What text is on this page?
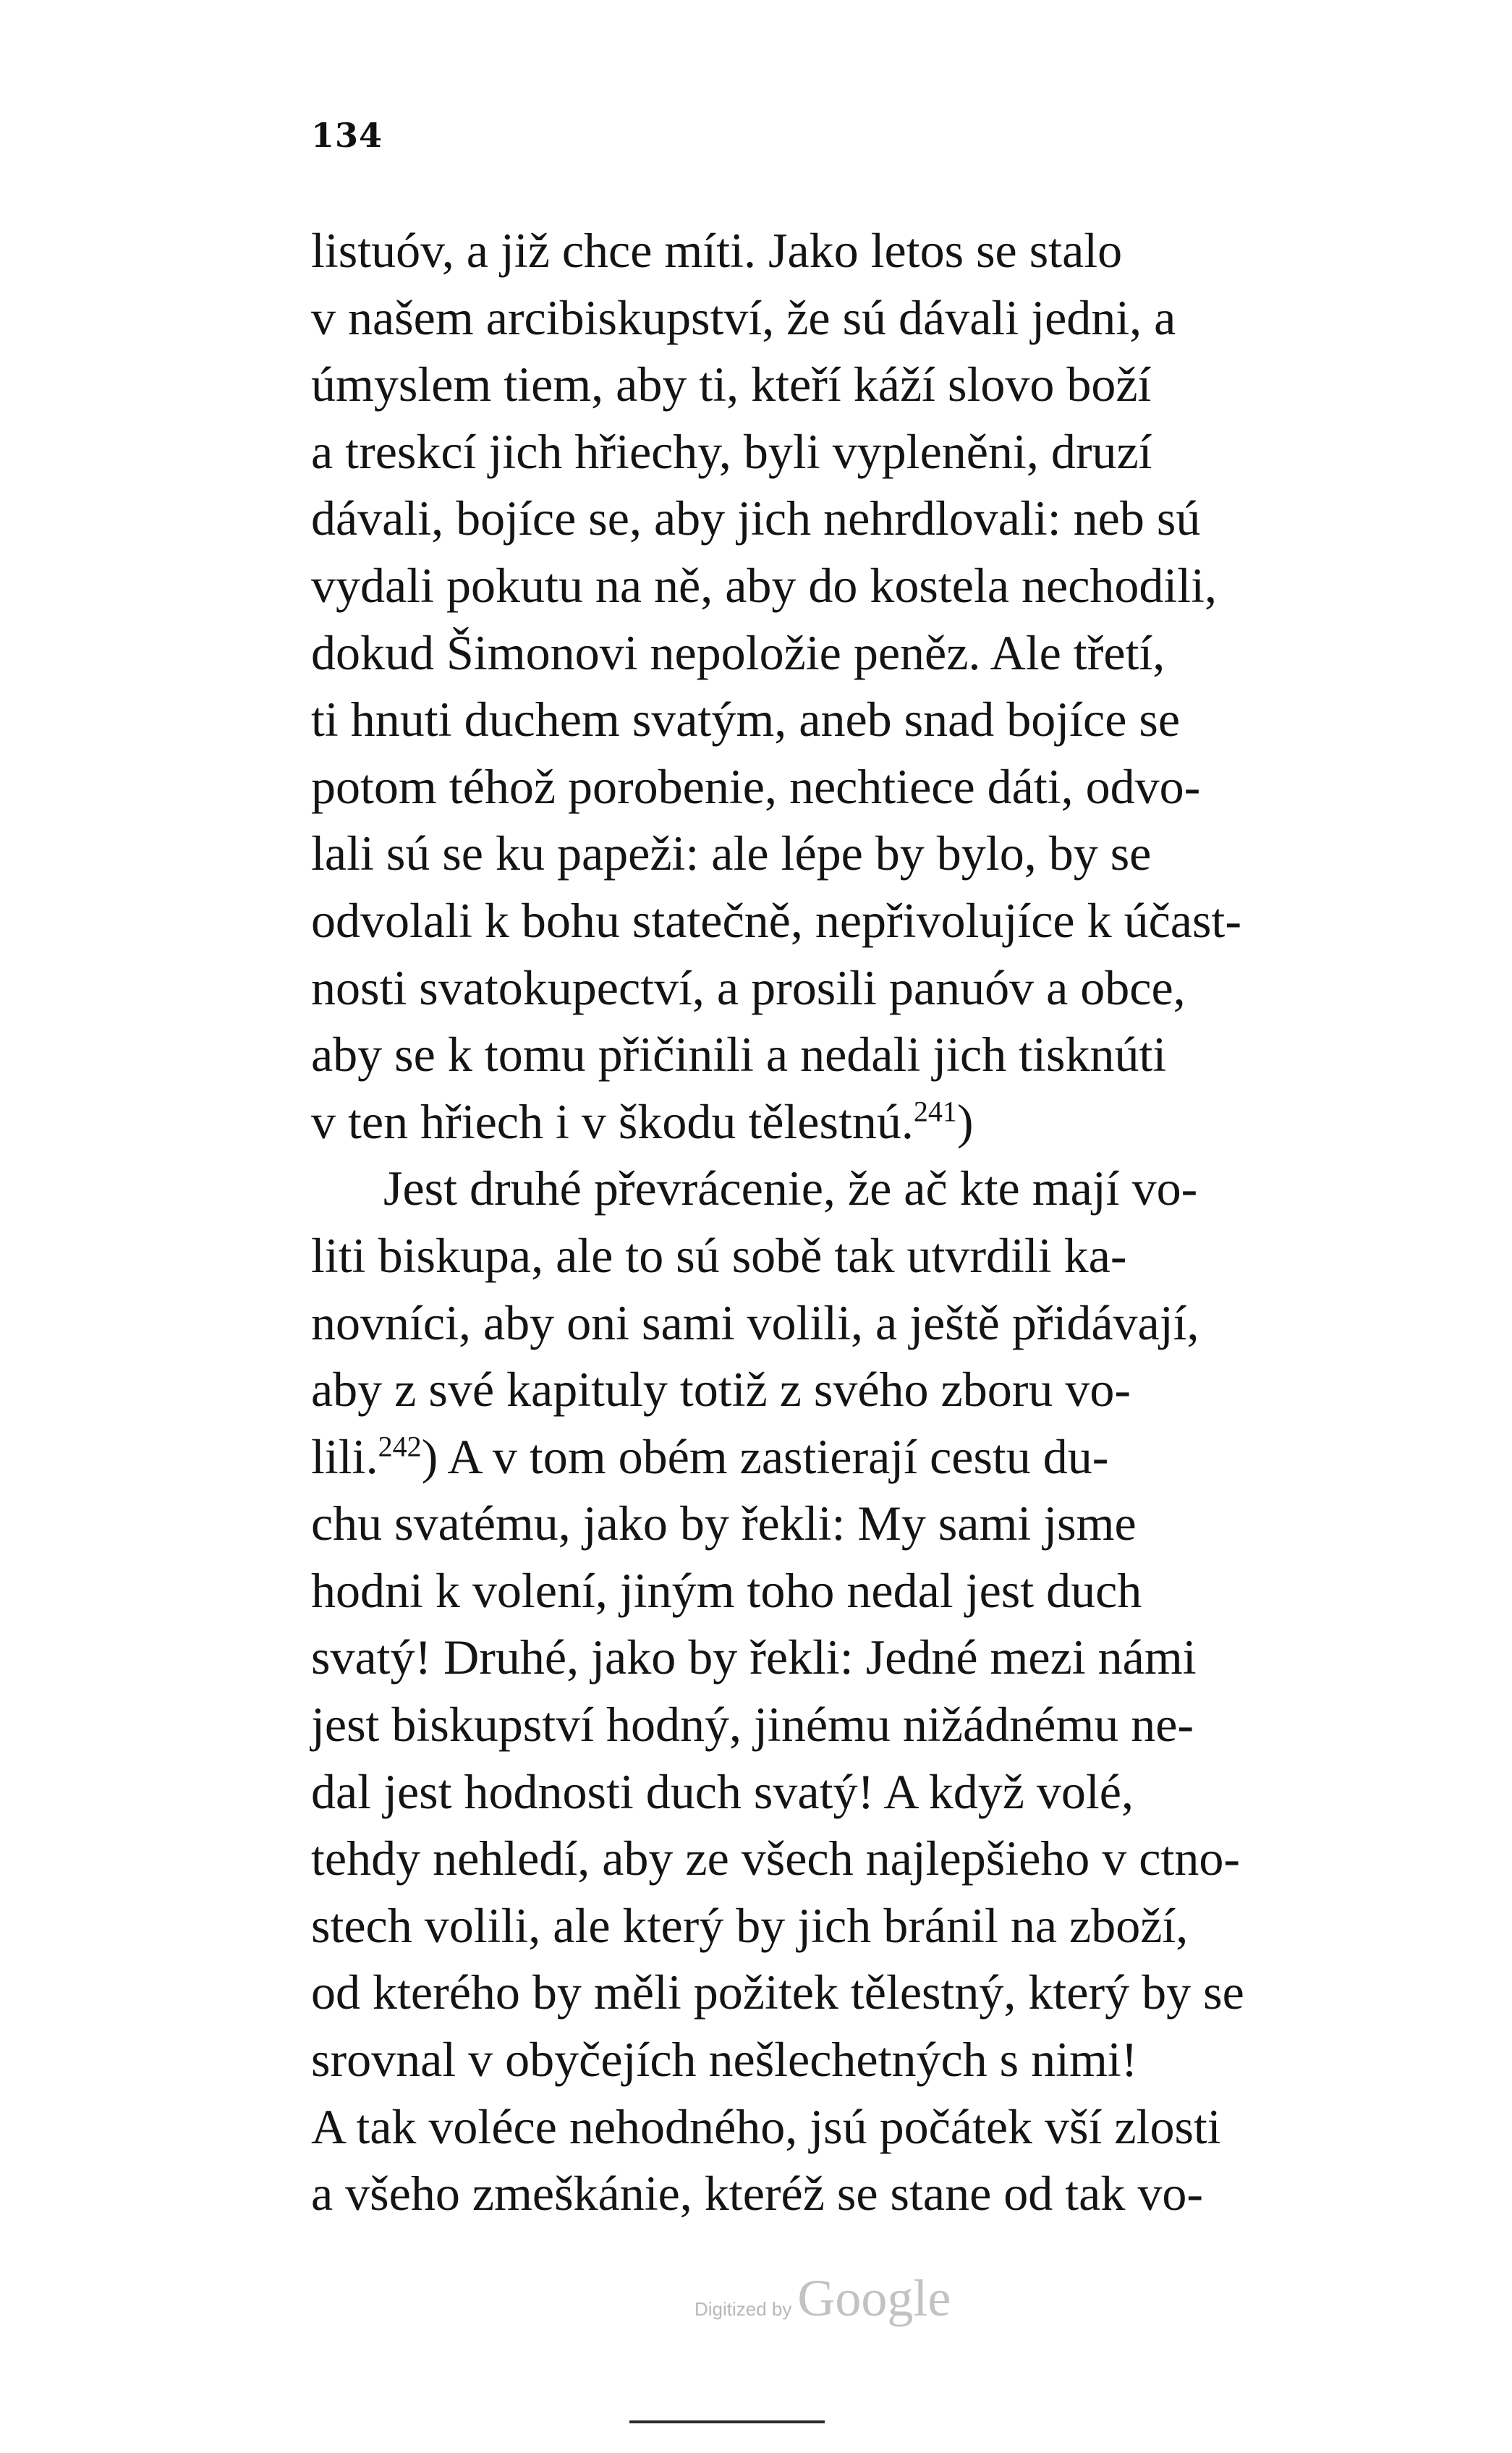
134
listuóv, a již chce míti. Jako letos se stalo
v našem arcibiskupství, že sú dávali jedni, a
úmyslem tiem, aby ti, kteří káží slovo boží
a treskcí jich hřiechy, byli vypleněni, druzí
dávali, bojíce se, aby jich nehrdlovali: neb sú
vydali pokutu na ně, aby do kostela nechodili,
dokud Šimonovi nepoložie peněz. Ale třetí,
ti hnuti duchem svatým, aneb snad bojíce se
potom téhož porobenie, nechtiece dáti, odvo-
lali sú se ku papeži: ale lépe by bylo, by se
odvolali k bohu statečně, nepřivolujíce k účast-
nosti svatokupectví, a prosili panuóv a obce,
aby se k tomu přičinili a nedali jich tisknúti
v ten hřiech i v škodu tělestnú.$^{241}$)
Jest druhé převrácenie, že ač kte mají vo-
liti biskupa, ale to sú sobě tak utvrdili ka-
novníci, aby oni sami volili, a ještě přidávají,
aby z své kapituly totiž z svého zboru vo-
lili.$^{242}$) A v tom obém zastierají cestu du-
chu svatému, jako by řekli: My sami jsme
hodni k volení, jiným toho nedal jest duch
svatý! Druhé, jako by řekli: Jedné mezi námi
jest biskupství hodný, jinému nižádnému ne-
dal jest hodnosti duch svatý! A když volé,
tehdy nehledí, aby ze všech najlepšieho v ctno-
stech volili, ale který by jich bránil na zboží,
od kterého by měli požitek tělestný, který by se
srovnal v obyčejích nešlechetných s nimi!
A tak voléce nehodného, jsú počátek vší zlosti
a všeho zmeškánie, kteréž se stane od tak vo-
Digitized by Google
